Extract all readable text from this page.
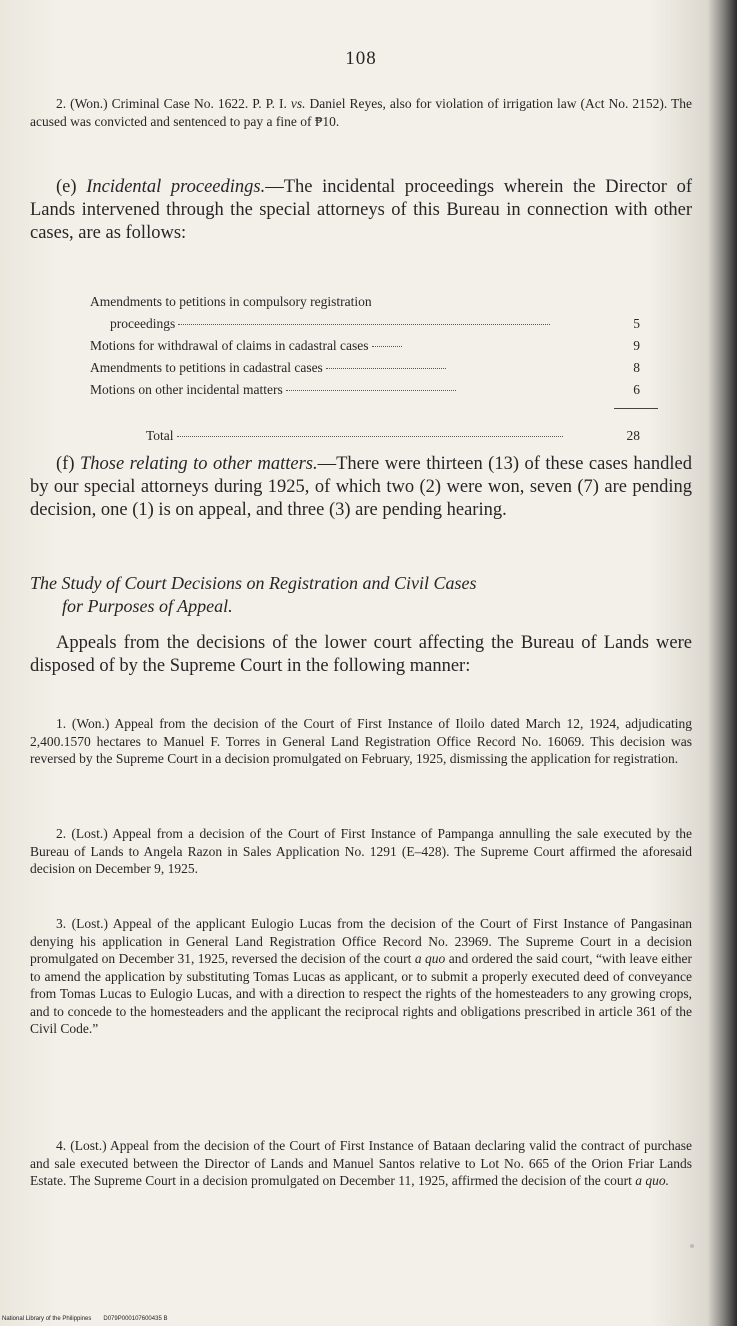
108

2. (Won.) Criminal Case No. 1622. P. P. I. vs. Daniel Reyes, also for violation of irrigation law (Act No. 2152). The acused was convicted and sentenced to pay a fine of ₱10.

(e) Incidental proceedings.—The incidental proceedings wherein the Director of Lands intervened through the special attorneys of this Bureau in connection with other cases, are as follows:

Amendments to petitions in compulsory registration	
proceedings	5
Motions for withdrawal of claims in cadastral cases	9
Amendments to petitions in cadastral cases	8
Motions on other incidental matters	6
Total	28

(f) Those relating to other matters.—There were thirteen (13) of these cases handled by our special attorneys during 1925, of which two (2) were won, seven (7) are pending decision, one (1) is on appeal, and three (3) are pending hearing.

The Study of Court Decisions on Registration and Civil Cases
for Purposes of Appeal.

Appeals from the decisions of the lower court affecting the Bureau of Lands were disposed of by the Supreme Court in the following manner:

1. (Won.) Appeal from the decision of the Court of First Instance of Iloilo dated March 12, 1924, adjudicating 2,400.1570 hectares to Manuel F. Torres in General Land Registration Office Record No. 16069. This decision was reversed by the Supreme Court in a decision promulgated on February, 1925, dismissing the application for registration.

2. (Lost.) Appeal from a decision of the Court of First Instance of Pampanga annulling the sale executed by the Bureau of Lands to Angela Razon in Sales Application No. 1291 (E–428). The Supreme Court affirmed the aforesaid decision on December 9, 1925.

3. (Lost.) Appeal of the applicant Eulogio Lucas from the decision of the Court of First Instance of Pangasinan denying his application in General Land Registration Office Record No. 23969. The Supreme Court in a decision promulgated on December 31, 1925, reversed the decision of the court a quo and ordered the said court, “with leave either to amend the application by substituting Tomas Lucas as applicant, or to submit a properly executed deed of conveyance from Tomas Lucas to Eulogio Lucas, and with a direction to respect the rights of the homesteaders to any growing crops, and to concede to the homesteaders and the applicant the reciprocal rights and obligations prescribed in article 361 of the Civil Code.”

4. (Lost.) Appeal from the decision of the Court of First Instance of Bataan declaring valid the contract of purchase and sale executed between the Director of Lands and Manuel Santos relative to Lot No. 665 of the Orion Friar Lands Estate. The Supreme Court in a decision promulgated on December 11, 1925, affirmed the decision of the court a quo.

National Library of the Philippines D079P000107600435 B
